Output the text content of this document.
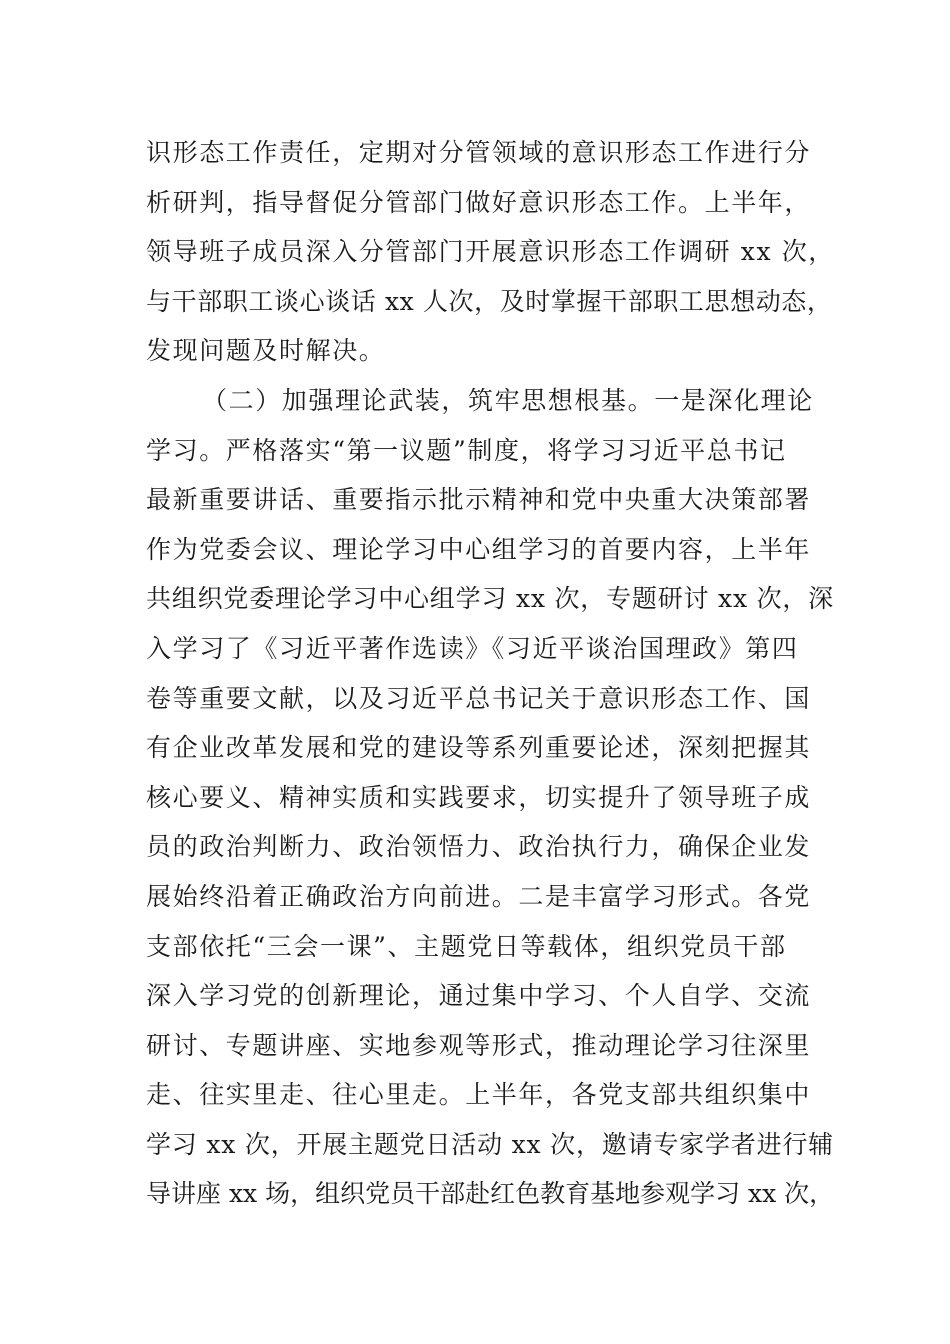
识形态工作责任，定期对分管领域的意识形态工作进行分
析研判，指导督促分管部门做好意识形态工作。上半年，
领导班子成员深入分管部门开展意识形态工作调研 xx 次，
与干部职工谈心谈话 xx 人次，及时掌握干部职工思想动态，
发现问题及时解决。
（二）加强理论武装，筑牢思想根基。一是深化理论
学习。严格落实“第一议题”制度，将学习习近平总书记
最新重要讲话、重要指示批示精神和党中央重大决策部署
作为党委会议、理论学习中心组学习的首要内容，上半年
共组织党委理论学习中心组学习 xx 次，专题研讨 xx 次，深
入学习了《习近平著作选读》《习近平谈治国理政》第四
卷等重要文献，以及习近平总书记关于意识形态工作、国
有企业改革发展和党的建设等系列重要论述，深刻把握其
核心要义、精神实质和实践要求，切实提升了领导班子成
员的政治判断力、政治领悟力、政治执行力，确保企业发
展始终沿着正确政治方向前进。二是丰富学习形式。各党
支部依托“三会一课”、主题党日等载体，组织党员干部
深入学习党的创新理论，通过集中学习、个人自学、交流
研讨、专题讲座、实地参观等形式，推动理论学习往深里
走、往实里走、往心里走。上半年，各党支部共组织集中
学习 xx 次，开展主题党日活动 xx 次，邀请专家学者进行辅
导讲座 xx 场，组织党员干部赴红色教育基地参观学习 xx 次，
